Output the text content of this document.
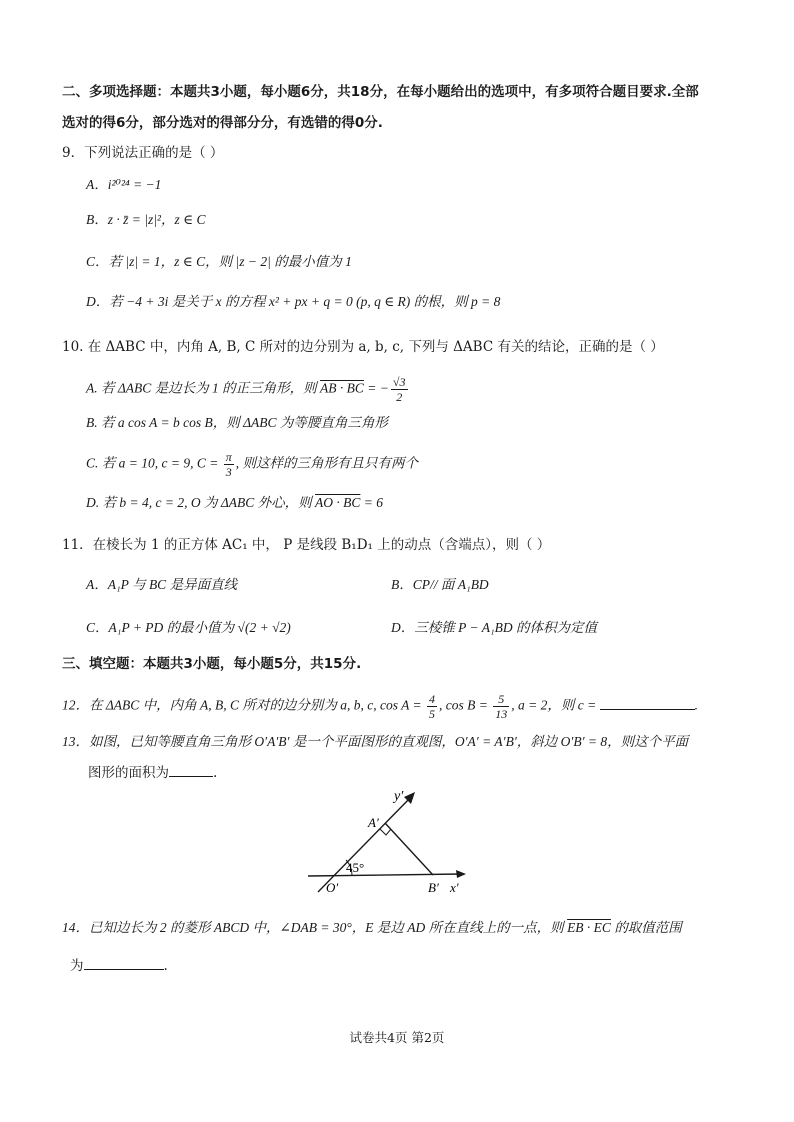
二、多项选择题：本题共3小题，每小题6分，共18分，在每小题给出的选项中，有多项符合题目要求.全部
选对的得6分，部分选对的得部分分，有选错的得0分.
9．下列说法正确的是（ ）
A．i²⁰²⁴ = −1
B．z · z̄ = |z|²，z ∈ C
C．若 |z| = 1，z ∈ C，则 |z − 2| 的最小值为 1
D．若 −4 + 3i 是关于 x 的方程 x² + px + q = 0 (p, q ∈ R) 的根，则 p = 8
10. 在 ΔABC 中，内角 A, B, C 所对的边分别为 a, b, c, 下列与 ΔABC 有关的结论，正确的是（ ）
A. 若 ΔABC 是边长为 1 的正三角形，则 AB · BC = − $\frac{√3}{2}$
B. 若 a cos A = b cos B，则 ΔABC 为等腰直角三角形
C. 若 a = 10, c = 9, $C = \frac{\pi}{3}$ , 则这样的三角形有且只有两个
D. 若 b = 4, c = 2, O 为 ΔABC 外心，则 AO · BC = 6
11．在棱长为 1 的正方体 AC₁ 中， P 是线段 B₁D₁ 上的动点（含端点），则（ ）
A．A₁P 与 BC 是异面直线	B．CP// 面 A₁BD
C．A₁P + PD 的最小值为 √(2 + √2)	D．三棱锥 P − A₁BD 的体积为定值
三、填空题：本题共3小题，每小题5分，共15分.
12．在 ΔABC 中，内角 A, B, C 所对的边分别为 a, b, c, $\cos A = \frac{4}{5}$ , $\cos B = \frac{5}{13}$ , a = 2，则 c =	.
13．如图，已知等腰直角三角形 O′A′B′ 是一个平面图形的直观图，O′A′ = A′B′，斜边 O′B′ = 8，则这个平面
图形的面积为	.
y′
A′
45°
O′	B′ x′
14．已知边长为 2 的菱形 ABCD 中，∠DAB = 30°，E 是边 AD 所在直线上的一点，则 EB · EC 的取值范围
为	.
试卷共4页 第2页
